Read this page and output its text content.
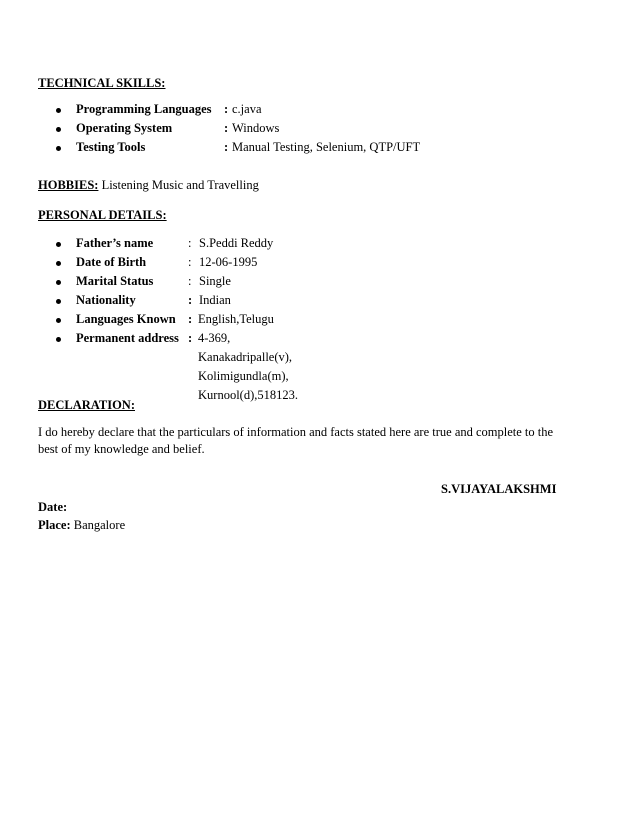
TECHNICAL SKILLS:
Programming Languages : c.java
Operating System	: Windows
Testing Tools	: Manual Testing, Selenium, QTP/UFT
HOBBIES: Listening Music and Travelling
PERSONAL DETAILS:
Father’s name	: S.Peddi Reddy
Date of Birth	: 12-06-1995
Marital Status	: Single
Nationality	: Indian
Languages Known : English,Telugu
Permanent address : 4-369,
Kanakadripalle(v),
Kolimigundla(m),
Kurnool(d),518123.
DECLARATION:
I do hereby declare that the particulars of information and facts stated here are true and complete to the best of my knowledge and belief.
S.VIJAYALAKSHMI
Date:
Place: Bangalore
